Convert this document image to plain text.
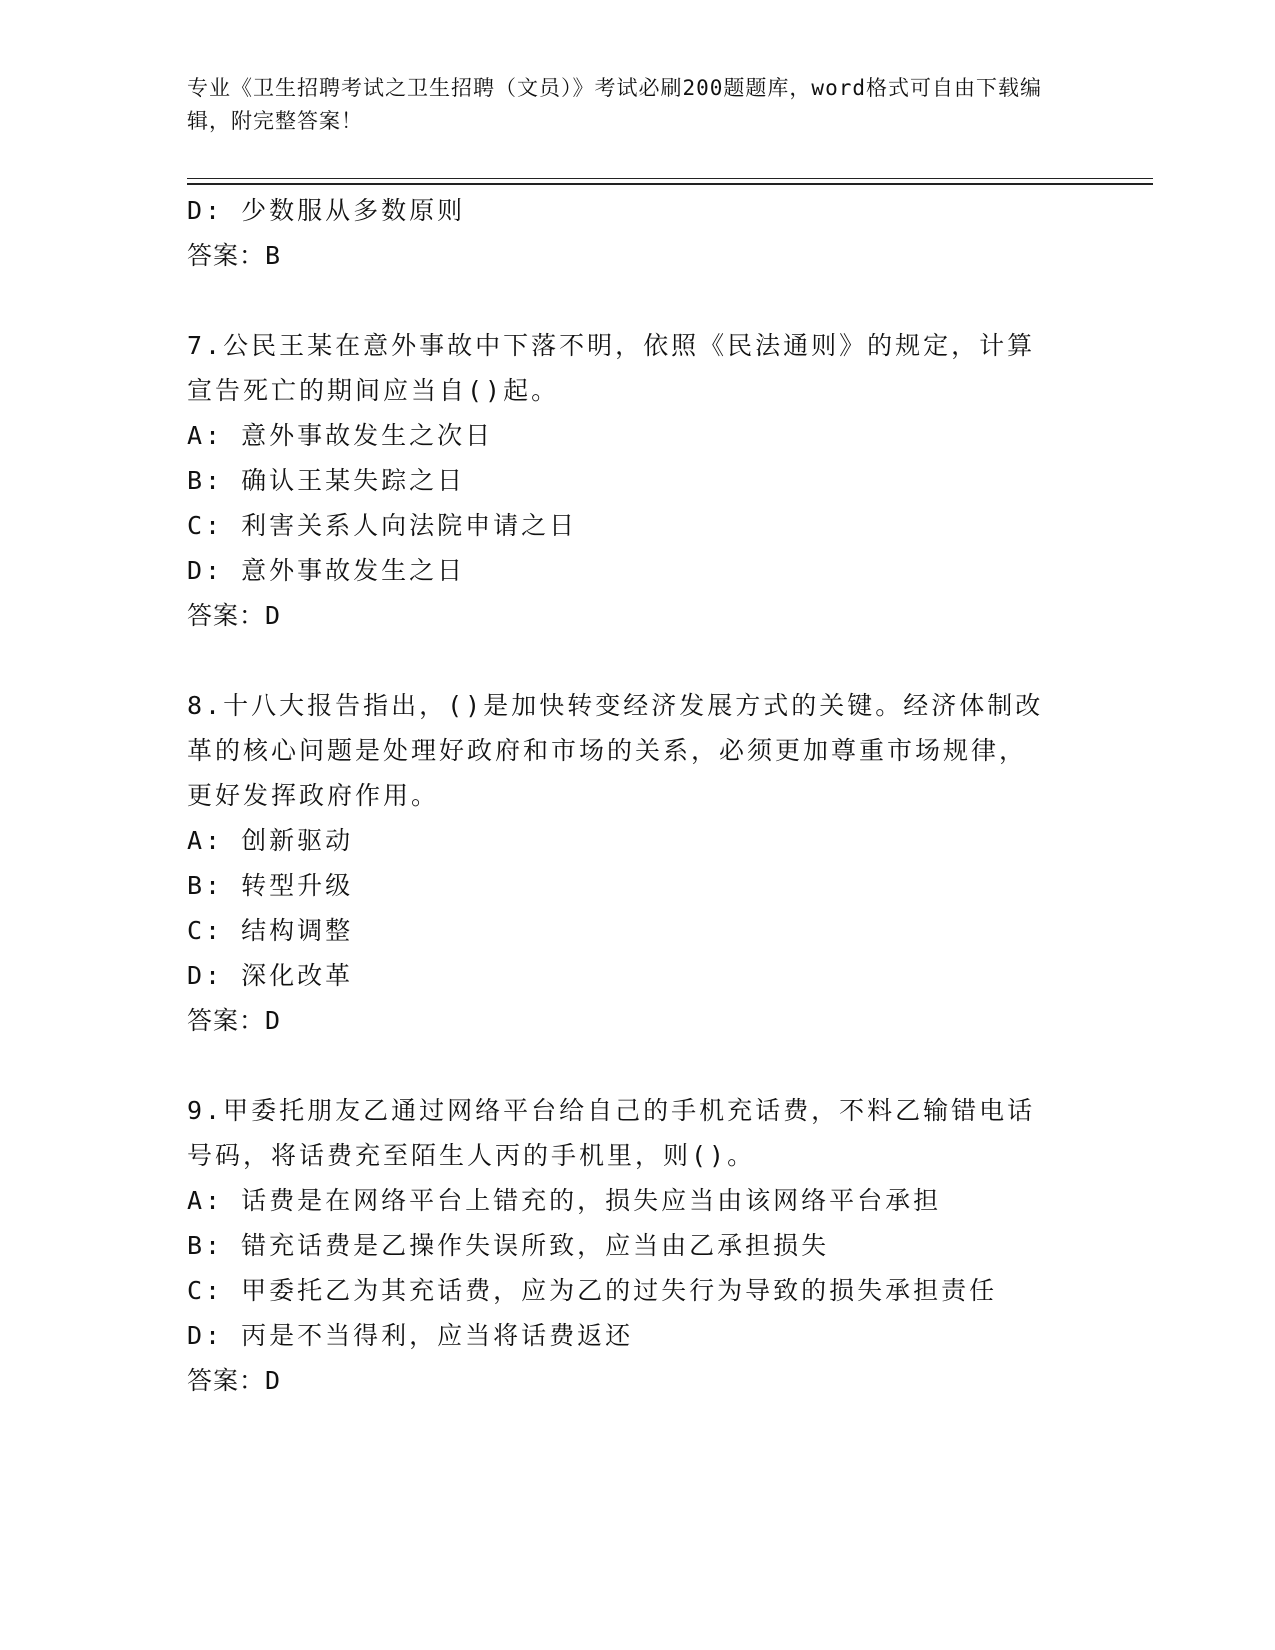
专业《卫生招聘考试之卫生招聘（文员）》考试必刷200题题库，word格式可自由下载编辑，附完整答案！
D: 少数服从多数原则
答案：B
7.公民王某在意外事故中下落不明，依照《民法通则》的规定，计算
宣告死亡的期间应当自()起。
A: 意外事故发生之次日
B: 确认王某失踪之日
C: 利害关系人向法院申请之日
D: 意外事故发生之日
答案：D
8.十八大报告指出，()是加快转变经济发展方式的关键。经济体制改
革的核心问题是处理好政府和市场的关系，必须更加尊重市场规律，
更好发挥政府作用。
A: 创新驱动
B: 转型升级
C: 结构调整
D: 深化改革
答案：D
9.甲委托朋友乙通过网络平台给自己的手机充话费，不料乙输错电话
号码，将话费充至陌生人丙的手机里，则()。
A: 话费是在网络平台上错充的，损失应当由该网络平台承担
B: 错充话费是乙操作失误所致，应当由乙承担损失
C: 甲委托乙为其充话费，应为乙的过失行为导致的损失承担责任
D: 丙是不当得利，应当将话费返还
答案：D
